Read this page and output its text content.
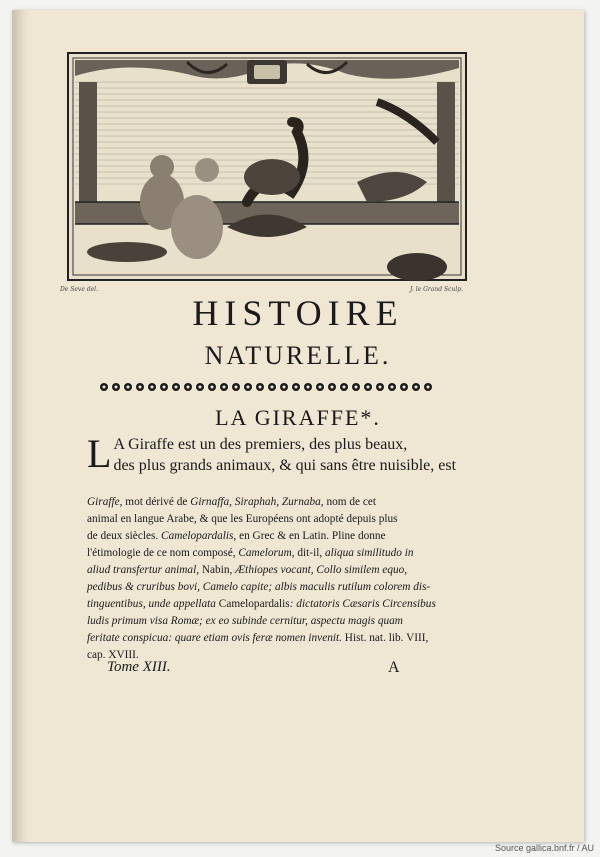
De Seve del.	J. le Grand Sculp.
HISTOIRE
NATURELLE.
LA GIRAFFE*.
L A Giraffe est un des premiers, des plus beaux,
des plus grands animaux, & qui sans être nuisible, est
Giraffe, mot dérivé de Girnaffa, Siraphah, Zurnaba, nom de cet
animal en langue Arabe, & que les Européens ont adopté depuis plus
de deux siècles. Camelopardalis, en Grec & en Latin. Pline donne
l'étimologie de ce nom composé, Camelorum, dit-il, aliqua similitudo in
aliud transfertur animal, Nabin, Æthiopes vocant, Collo similem equo,
pedibus & cruribus bovi, Camelo capite; albis maculis rutilum colorem dis-
tinguentibus, unde appellata Camelopardalis: dictatoris Cæsaris Circensibus
ludis primum visa Romæ; ex eo subinde cernitur, aspectu magis quam
feritate conspicua: quare etiam ovis feræ nomen invenit. Hist. nat. lib. VIII,
cap. XVIII.
Tome XIII.	A
Source gallica.bnf.fr / AU
